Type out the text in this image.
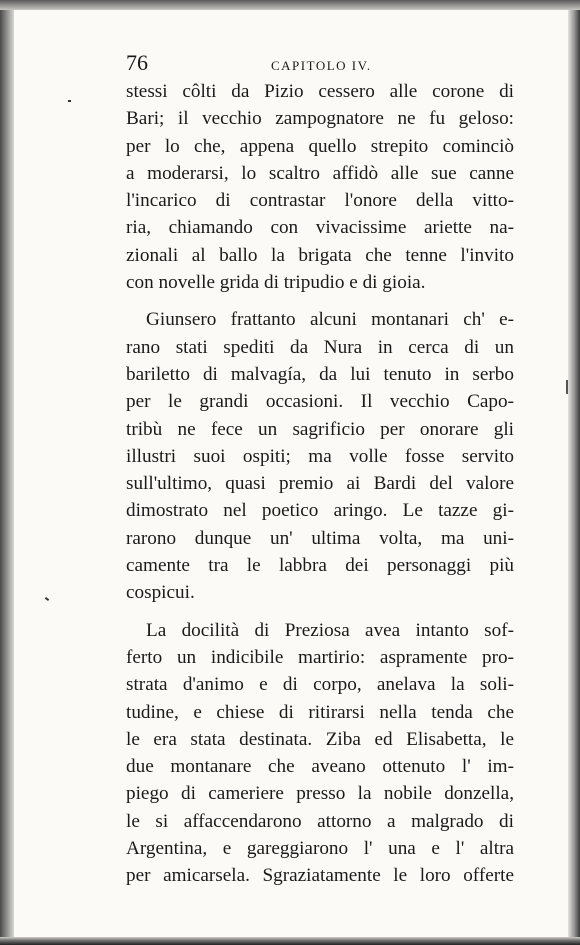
76	CAPITOLO IV.
stessi côlti da Pizio cessero alle corone di
Bari; il vecchio zampognatore ne fu geloso:
per lo che, appena quello strepito cominciò
a moderarsi, lo scaltro affidò alle sue canne
l'incarico di contrastar l'onore della vitto-
ria, chiamando con vivacissime ariette na-
zionali al ballo la brigata che tenne l'invito
con novelle grida di tripudio e di gioia.
Giunsero frattanto alcuni montanari ch' e-
rano stati spediti da Nura in cerca di un
bariletto di malvagía, da lui tenuto in serbo
per le grandi occasioni. Il vecchio Capo-
tribù ne fece un sagrificio per onorare gli
illustri suoi ospiti; ma volle fosse servito
sull'ultimo, quasi premio ai Bardi del valore
dimostrato nel poetico aringo. Le tazze gi-
rarono dunque un' ultima volta, ma uni-
camente tra le labbra dei personaggi più
cospicui.
La docilità di Preziosa avea intanto sof-
ferto un indicibile martirio: aspramente pro-
strata d'animo e di corpo, anelava la soli-
tudine, e chiese di ritirarsi nella tenda che
le era stata destinata. Ziba ed Elisabetta, le
due montanare che aveano ottenuto l' im-
piego di cameriere presso la nobile donzella,
le si affaccendarono attorno a malgrado di
Argentina, e gareggiarono l' una e l' altra
per amicarsela. Sgraziatamente le loro offerte
